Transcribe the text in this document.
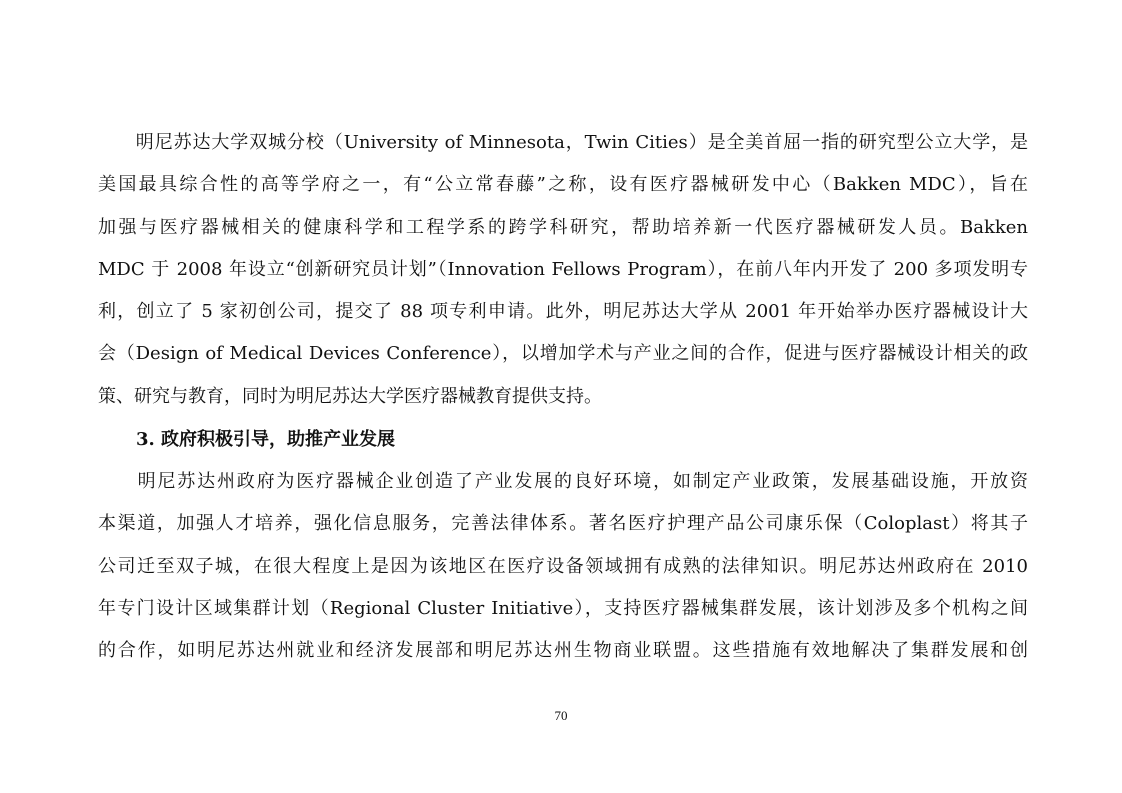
　　明尼苏达大学双城分校（University of Minnesota，Twin Cities）是全美首屈一指的研究型公立大学，是
美国最具综合性的高等学府之一，有“公立常春藤”之称，设有医疗器械研发中心（Bakken MDC），旨在
加强与医疗器械相关的健康科学和工程学系的跨学科研究，帮助培养新一代医疗器械研发人员。Bakken
MDC 于 2008 年设立“创新研究员计划”（Innovation Fellows Program），在前八年内开发了 200 多项发明专
利，创立了 5 家初创公司，提交了 88 项专利申请。此外，明尼苏达大学从 2001 年开始举办医疗器械设计大
会（Design of Medical Devices Conference），以增加学术与产业之间的合作，促进与医疗器械设计相关的政
策、研究与教育，同时为明尼苏达大学医疗器械教育提供支持。
3. 政府积极引导，助推产业发展
　　明尼苏达州政府为医疗器械企业创造了产业发展的良好环境，如制定产业政策，发展基础设施，开放资
本渠道，加强人才培养，强化信息服务，完善法律体系。著名医疗护理产品公司康乐保（Coloplast）将其子
公司迁至双子城，在很大程度上是因为该地区在医疗设备领域拥有成熟的法律知识。明尼苏达州政府在 2010
年专门设计区域集群计划（Regional Cluster Initiative），支持医疗器械集群发展，该计划涉及多个机构之间
的合作，如明尼苏达州就业和经济发展部和明尼苏达州生物商业联盟。这些措施有效地解决了集群发展和创
70
